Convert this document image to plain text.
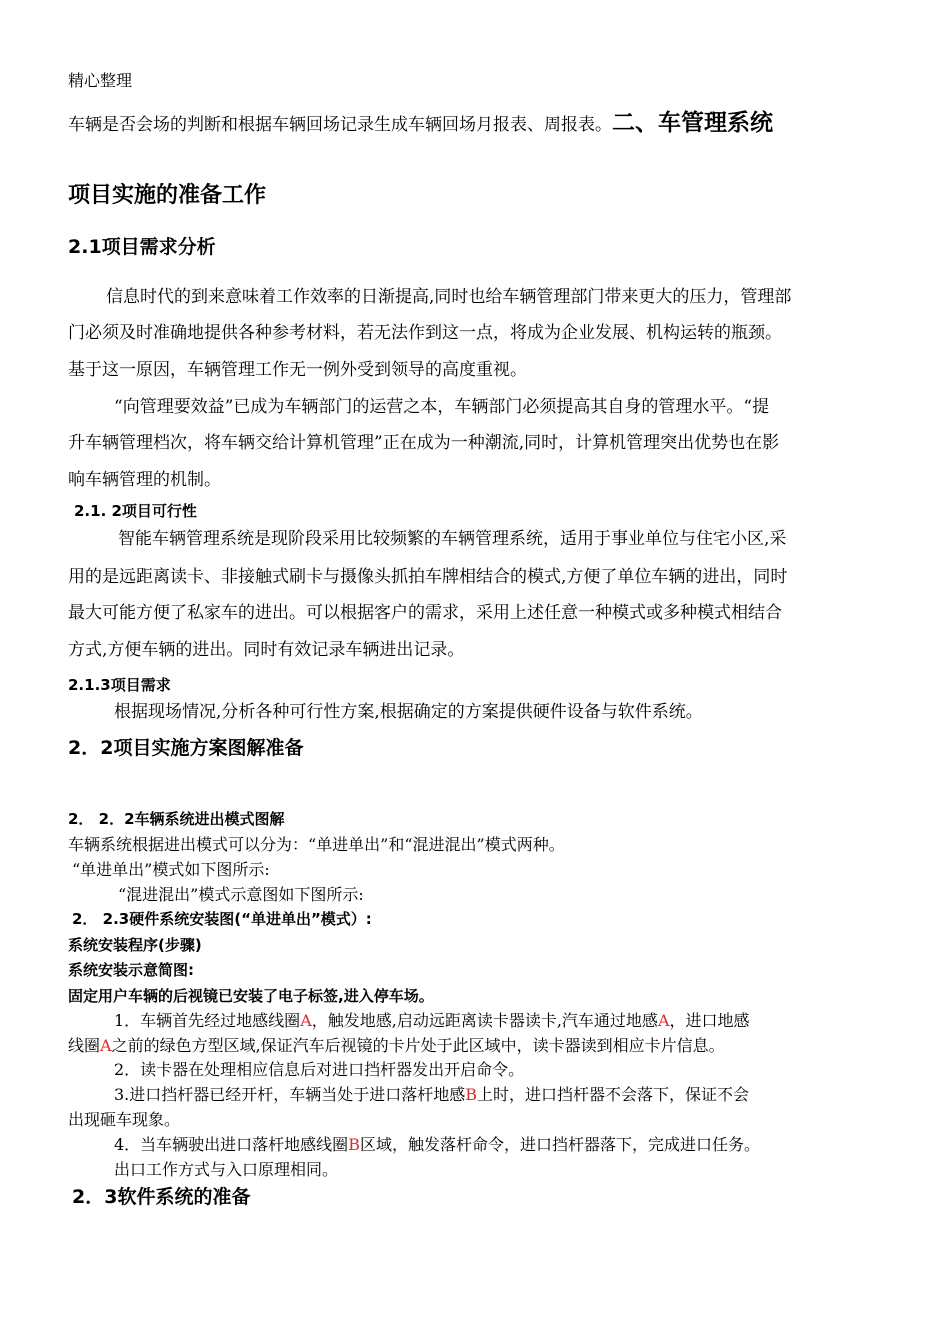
精心整理
车辆是否会场的判断和根据车辆回场记录生成车辆回场月报表、周报表。二、车管理系统
项目实施的准备工作
2.1项目需求分析
信息时代的到来意味着工作效率的日渐提高,同时也给车辆管理部门带来更大的压力，管理部
门必须及时准确地提供各种参考材料，若无法作到这一点，将成为企业发展、机构运转的瓶颈。
基于这一原因，车辆管理工作无一例外受到领导的高度重视。
“向管理要效益”已成为车辆部门的运营之本，车辆部门必须提高其自身的管理水平。“提
升车辆管理档次，将车辆交给计算机管理”正在成为一种潮流,同时，计算机管理突出优势也在影
响车辆管理的机制。
2.1. 2项目可行性
智能车辆管理系统是现阶段采用比较频繁的车辆管理系统，适用于事业单位与住宅小区,采
用的是远距离读卡、非接触式刷卡与摄像头抓拍车牌相结合的模式,方便了单位车辆的进出，同时
最大可能方便了私家车的进出。可以根据客户的需求，采用上述任意一种模式或多种模式相结合
方式,方便车辆的进出。同时有效记录车辆进出记录。
2.1.3项目需求
根据现场情况,分析各种可行性方案,根据确定的方案提供硬件设备与软件系统。
2．2项目实施方案图解准备
2． 2．2车辆系统进出模式图解
车辆系统根据进出模式可以分为：“单进单出”和“混进混出”模式两种。
“单进单出”模式如下图所示:
“混进混出”模式示意图如下图所示:
2． 2.3硬件系统安装图(“单进单出”模式）:
系统安装程序(步骤)
系统安装示意简图:
固定用户车辆的后视镜已安装了电子标签,进入停车场。
1．车辆首先经过地感线圈A，触发地感,启动远距离读卡器读卡,汽车通过地感A，进口地感
线圈A之前的绿色方型区域,保证汽车后视镜的卡片处于此区域中，读卡器读到相应卡片信息。
2．读卡器在处理相应信息后对进口挡杆器发出开启命令。
3.进口挡杆器已经开杆，车辆当处于进口落杆地感B上时，进口挡杆器不会落下，保证不会
出现砸车现象。
4．当车辆驶出进口落杆地感线圈B区域，触发落杆命令，进口挡杆器落下，完成进口任务。
出口工作方式与入口原理相同。
2．3软件系统的准备
